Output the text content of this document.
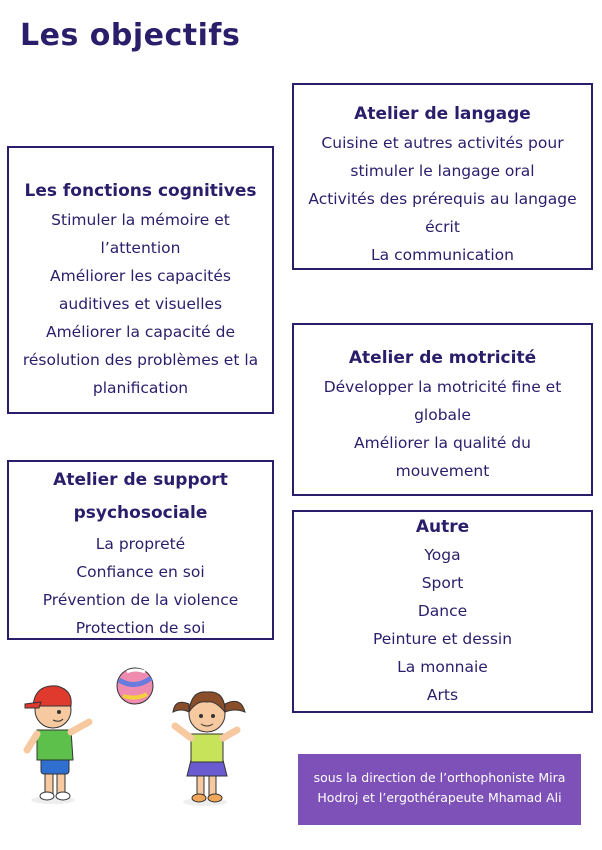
Les objectifs
Atelier de langage
Cuisine et autres activités pour
stimuler le langage oral
Activités des prérequis au langage
écrit
La communication
Les fonctions cognitives
Stimuler la mémoire et
l’attention
Améliorer les capacités
auditives et visuelles
Améliorer la capacité de
résolution des problèmes et la
planification
Atelier de motricité
Développer la motricité fine et
globale
Améliorer la qualité du
mouvement
Atelier de support
psychosociale
La propreté
Confiance en soi
Prévention de la violence
Protection de soi
Autre
Yoga
Sport
Dance
Peinture et dessin
La monnaie
Arts
sous la direction de l’orthophoniste Mira
Hodroj et l’ergothérapeute Mhamad Ali
